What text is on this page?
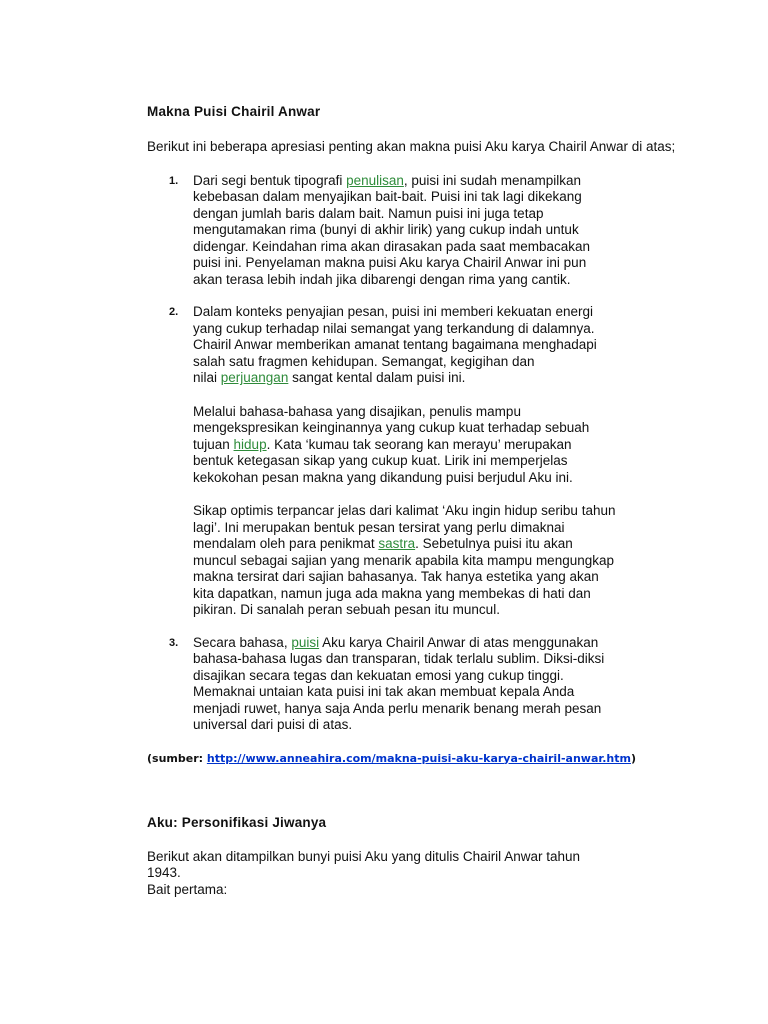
Makna Puisi Chairil Anwar

Berikut ini beberapa apresiasi penting akan makna puisi Aku karya Chairil Anwar di atas;

1. Dari segi bentuk tipografi penulisan, puisi ini sudah menampilkan
kebebasan dalam menyajikan bait-bait. Puisi ini tak lagi dikekang
dengan jumlah baris dalam bait. Namun puisi ini juga tetap
mengutamakan rima (bunyi di akhir lirik) yang cukup indah untuk
didengar. Keindahan rima akan dirasakan pada saat membacakan
puisi ini. Penyelaman makna puisi Aku karya Chairil Anwar ini pun
akan terasa lebih indah jika dibarengi dengan rima yang cantik.

2. Dalam konteks penyajian pesan, puisi ini memberi kekuatan energi
yang cukup terhadap nilai semangat yang terkandung di dalamnya.
Chairil Anwar memberikan amanat tentang bagaimana menghadapi
salah satu fragmen kehidupan. Semangat, kegigihan dan
nilai perjuangan sangat kental dalam puisi ini.

Melalui bahasa-bahasa yang disajikan, penulis mampu
mengekspresikan keinginannya yang cukup kuat terhadap sebuah
tujuan hidup. Kata ‘kumau tak seorang kan merayu’ merupakan
bentuk ketegasan sikap yang cukup kuat. Lirik ini memperjelas
kekokohan pesan makna yang dikandung puisi berjudul Aku ini.

Sikap optimis terpancar jelas dari kalimat ‘Aku ingin hidup seribu tahun
lagi’. Ini merupakan bentuk pesan tersirat yang perlu dimaknai
mendalam oleh para penikmat sastra. Sebetulnya puisi itu akan
muncul sebagai sajian yang menarik apabila kita mampu mengungkap
makna tersirat dari sajian bahasanya. Tak hanya estetika yang akan
kita dapatkan, namun juga ada makna yang membekas di hati dan
pikiran. Di sanalah peran sebuah pesan itu muncul.

3. Secara bahasa, puisi Aku karya Chairil Anwar di atas menggunakan
bahasa-bahasa lugas dan transparan, tidak terlalu sublim. Diksi-diksi
disajikan secara tegas dan kekuatan emosi yang cukup tinggi.
Memaknai untaian kata puisi ini tak akan membuat kepala Anda
menjadi ruwet, hanya saja Anda perlu menarik benang merah pesan
universal dari puisi di atas.

(sumber: http://www.anneahira.com/makna-puisi-aku-karya-chairil-anwar.htm)

Aku: Personifikasi Jiwanya

Berikut akan ditampilkan bunyi puisi Aku yang ditulis Chairil Anwar tahun
1943.
Bait pertama:
